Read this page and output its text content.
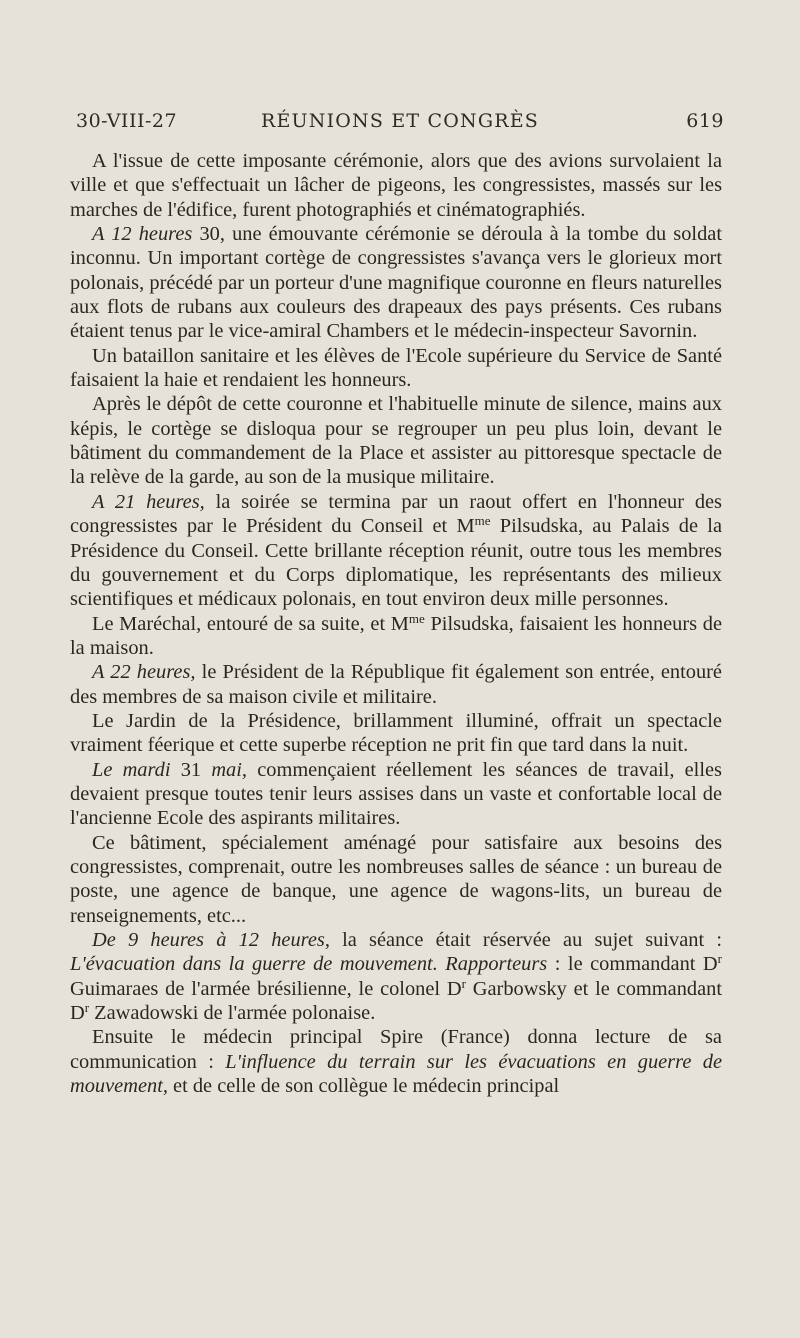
30-VIII-27	RÉUNIONS ET CONGRÈS	619

A l'issue de cette imposante cérémonie, alors que des avions survolaient la ville et que s'effectuait un lâcher de pigeons, les congressistes, massés sur les marches de l'édifice, furent photographiés et cinématographiés.

A 12 heures 30, une émouvante cérémonie se déroula à la tombe du soldat inconnu. Un important cortège de congressistes s'avança vers le glorieux mort polonais, précédé par un porteur d'une magnifique couronne en fleurs naturelles aux flots de rubans aux couleurs des drapeaux des pays présents. Ces rubans étaient tenus par le vice-amiral Chambers et le médecin-inspecteur Savornin.

Un bataillon sanitaire et les élèves de l'Ecole supérieure du Service de Santé faisaient la haie et rendaient les honneurs.

Après le dépôt de cette couronne et l'habituelle minute de silence, mains aux képis, le cortège se disloqua pour se regrouper un peu plus loin, devant le bâtiment du commandement de la Place et assister au pittoresque spectacle de la relève de la garde, au son de la musique militaire.

A 21 heures, la soirée se termina par un raout offert en l'honneur des congressistes par le Président du Conseil et $M^{me}$ Pilsudska, au Palais de la Présidence du Conseil. Cette brillante réception réunit, outre tous les membres du gouvernement et du Corps diplomatique, les représentants des milieux scientifiques et médicaux polonais, en tout environ deux mille personnes.

Le Maréchal, entouré de sa suite, et $M^{me}$ Pilsudska, faisaient les honneurs de la maison.

A 22 heures, le Président de la République fit également son entrée, entouré des membres de sa maison civile et militaire.

Le Jardin de la Présidence, brillamment illuminé, offrait un spectacle vraiment féerique et cette superbe réception ne prit fin que tard dans la nuit.

Le mardi 31 mai, commençaient réellement les séances de travail, elles devaient presque toutes tenir leurs assises dans un vaste et confortable local de l'ancienne Ecole des aspirants militaires.

Ce bâtiment, spécialement aménagé pour satisfaire aux besoins des congressistes, comprenait, outre les nombreuses salles de séance : un bureau de poste, une agence de banque, une agence de wagons-lits, un bureau de renseignements, etc...

De 9 heures à 12 heures, la séance était réservée au sujet suivant : L'évacuation dans la guerre de mouvement. Rapporteurs : le commandant $D^r$ Guimaraes de l'armée brésilienne, le colonel $D^r$ Garbowsky et le commandant $D^r$ Zawadowski de l'armée polonaise.

Ensuite le médecin principal Spire (France) donna lecture de sa communication : L'influence du terrain sur les évacuations en guerre de mouvement, et de celle de son collègue le médecin principal
